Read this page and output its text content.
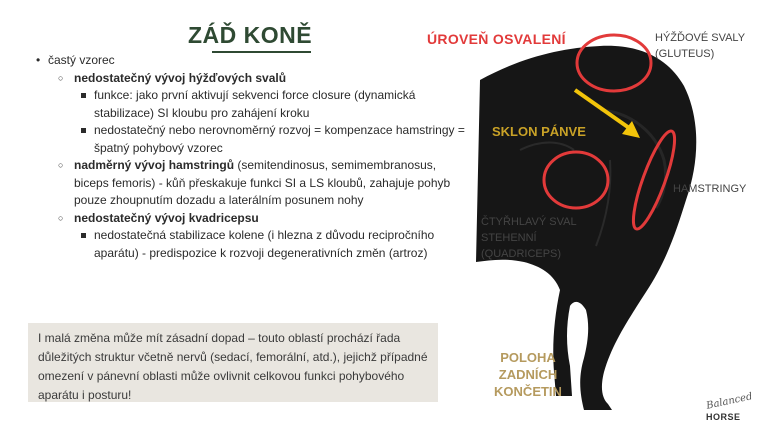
ZÁĎ KONĚ
• častý vzorec
○ nedostatečný vývoj hýžďových svalů
funkce: jako první aktivují sekvenci force closure (dynamická stabilizace) SI kloubu pro zahájení kroku
nedostatečný nebo nerovnoměrný rozvoj = kompenzace hamstringy = špatný pohybový vzorec
○ nadměrný vývoj hamstringů (semitendinosus, semimembranosus, biceps femoris) - kůň přeskakuje funkci SI a LS kloubů, zahajuje pohyb pouze zhoupnutím dozadu a laterálním posunem nohy
○ nedostatečný vývoj kvadricepsu
nedostatečná stabilizace kolene (i hlezna z důvodu recipročního aparátu) - predispozice k rozvoji degenerativních změn (artroz)
I malá změna může mít zásadní dopad – touto oblastí prochází řada důležitých struktur včetně nervů (sedací, femorální, atd.), jejichž případné omezení v pánevní oblasti může ovlivnit celkovou funkci pohybového aparátu i posturu!
ÚROVEŇ OSVALENÍ
SKLON PÁNVE
POLOHA ZADNÍCH KONČETIN
HÝŽĎOVÉ SVALY (GLUTEUS)
HAMSTRINGY
ČTYŘHLAVÝ SVAL STEHENNÍ (QUADRICEPS)
Balanced
HORSE
